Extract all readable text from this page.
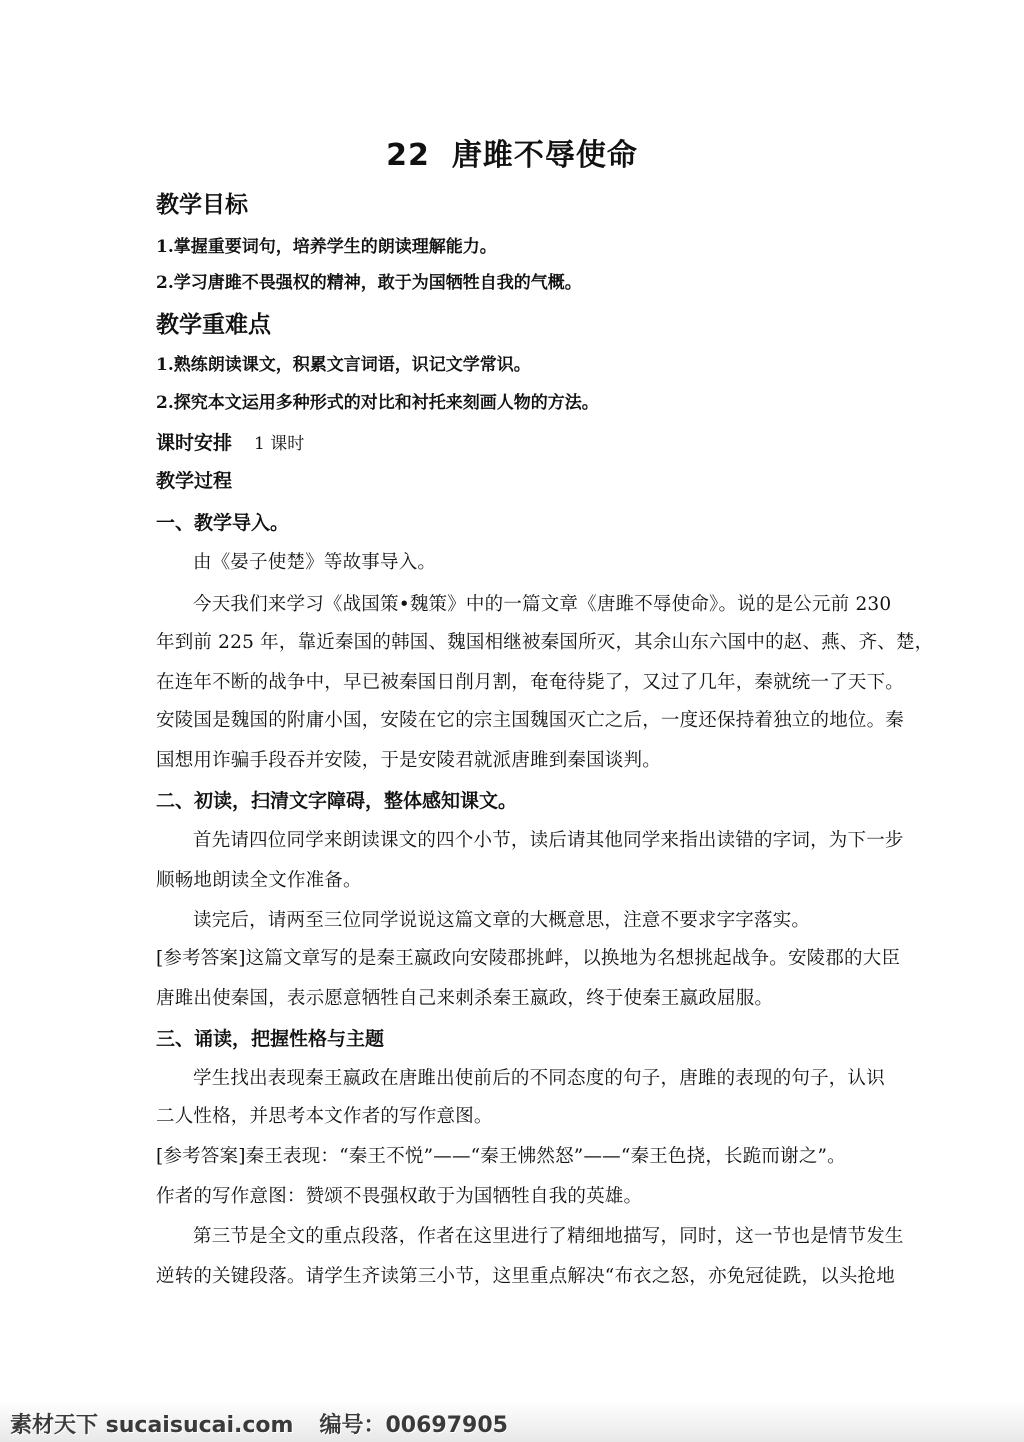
22 唐雎不辱使命
教学目标
1.掌握重要词句，培养学生的朗读理解能力。
2.学习唐雎不畏强权的精神，敢于为国牺牲自我的气概。
教学重难点
1.熟练朗读课文，积累文言词语，识记文学常识。
2.探究本文运用多种形式的对比和衬托来刻画人物的方法。
课时安排 1 课时
教学过程
一、教学导入。
由《晏子使楚》等故事导入。
今天我们来学习《战国策•魏策》中的一篇文章《唐雎不辱使命》。说的是公元前 230
年到前 225 年，靠近秦国的韩国、魏国相继被秦国所灭，其余山东六国中的赵、燕、齐、楚，
在连年不断的战争中，早已被秦国日削月割，奄奄待毙了，又过了几年，秦就统一了天下。
安陵国是魏国的附庸小国，安陵在它的宗主国魏国灭亡之后，一度还保持着独立的地位。秦
国想用诈骗手段吞并安陵，于是安陵君就派唐雎到秦国谈判。
二、初读，扫清文字障碍，整体感知课文。
首先请四位同学来朗读课文的四个小节，读后请其他同学来指出读错的字词，为下一步
顺畅地朗读全文作准备。
读完后，请两至三位同学说说这篇文章的大概意思，注意不要求字字落实。
[参考答案]这篇文章写的是秦王嬴政向安陵郡挑衅，以换地为名想挑起战争。安陵郡的大臣
唐雎出使秦国，表示愿意牺牲自己来刺杀秦王嬴政，终于使秦王嬴政屈服。
三、诵读，把握性格与主题
学生找出表现秦王嬴政在唐雎出使前后的不同态度的句子，唐雎的表现的句子，认识
二人性格，并思考本文作者的写作意图。
[参考答案]秦王表现：“秦王不悦”——“秦王怫然怒”——“秦王色挠，长跪而谢之”。
作者的写作意图：赞颂不畏强权敢于为国牺牲自我的英雄。
第三节是全文的重点段落，作者在这里进行了精细地描写，同时，这一节也是情节发生
逆转的关键段落。请学生齐读第三小节，这里重点解决“布衣之怒，亦免冠徒跣，以头抢地
素材天下 sucaisucai.com 编号：00697905
